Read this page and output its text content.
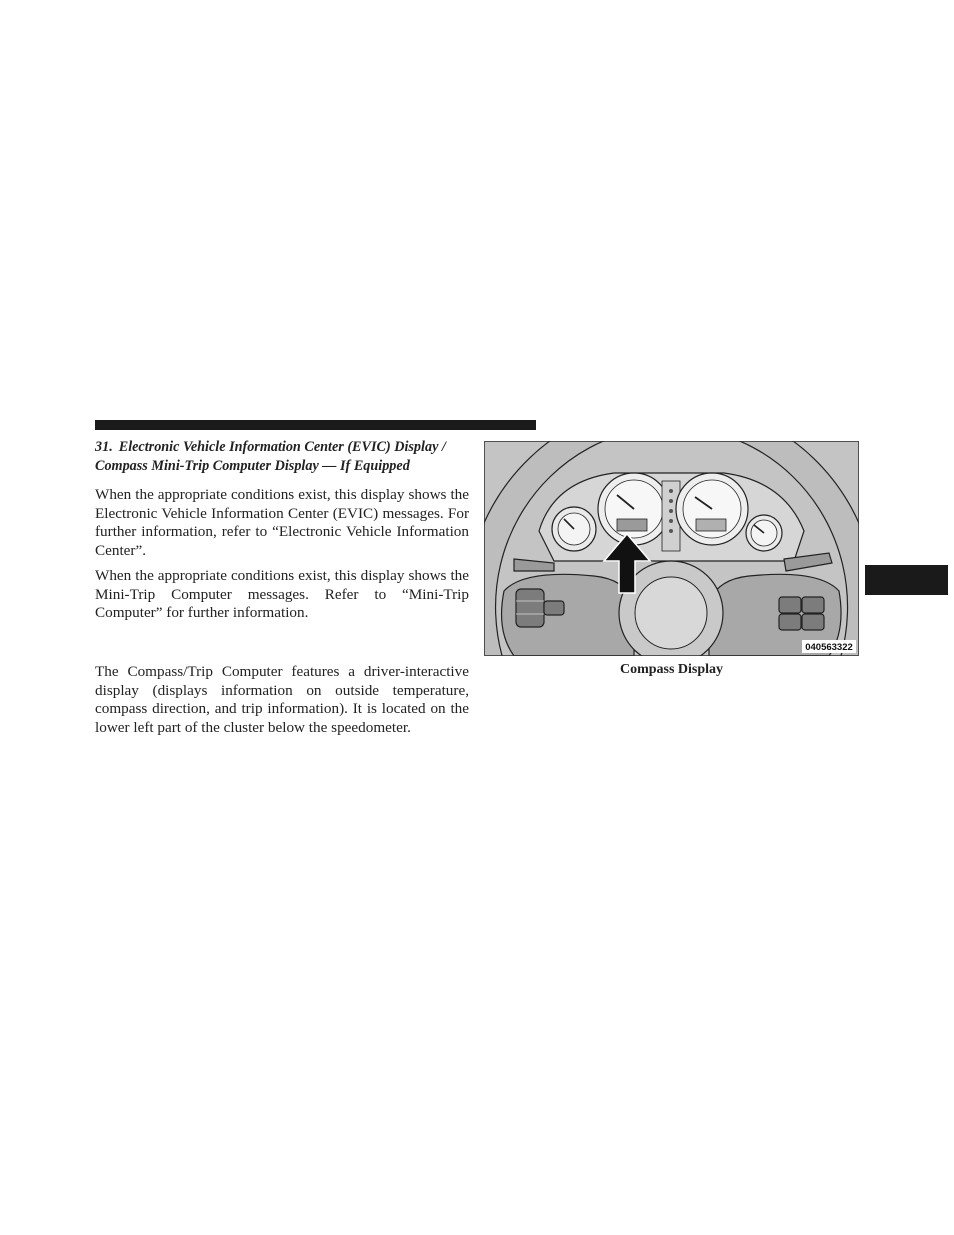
31. Electronic Vehicle Information Center (EVIC) Display /
Compass Mini-Trip Computer Display — If Equipped

When the appropriate conditions exist, this display shows the Electronic Vehicle Information Center (EVIC) messages. For further information, refer to “Electronic Vehicle Information Center”.

When the appropriate conditions exist, this display shows the Mini-Trip Computer messages. Refer to “Mini-Trip Computer” for further information.

The Compass/Trip Computer features a driver-interactive display (displays information on outside temperature, compass direction, and trip information). It is located on the lower left part of the cluster below the speedometer.

040563322
Compass Display
